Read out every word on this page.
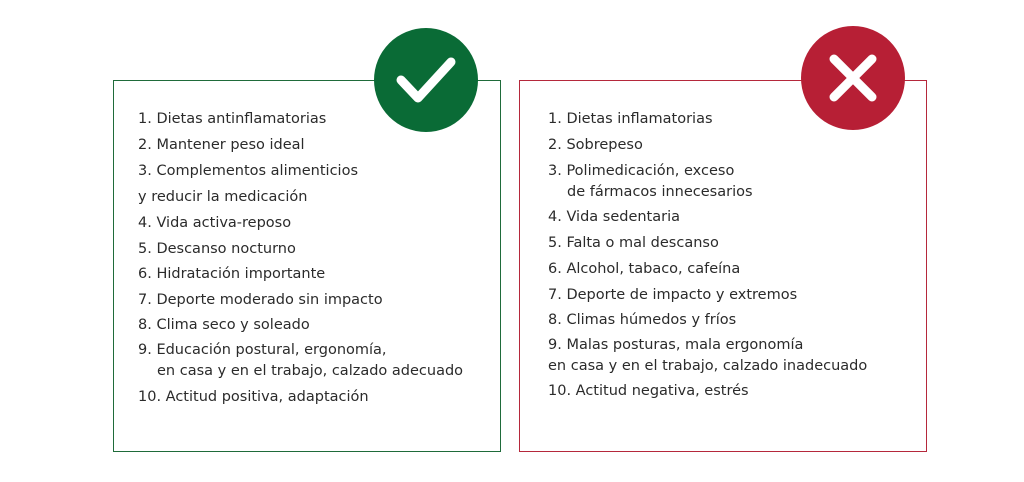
1. Dietas antinflamatorias
2. Mantener peso ideal
3. Complementos alimenticios
y reducir la medicación
4. Vida activa-reposo
5. Descanso nocturno
6. Hidratación importante
7. Deporte moderado sin impacto
8. Clima seco y soleado
9. Educación postural, ergonomía,
en casa y en el trabajo, calzado adecuado
10. Actitud positiva, adaptación
1. Dietas inflamatorias
2. Sobrepeso
3. Polimedicación, exceso
de fármacos innecesarios
4. Vida sedentaria
5. Falta o mal descanso
6. Alcohol, tabaco, cafeína
7. Deporte de impacto y extremos
8. Climas húmedos y fríos
9. Malas posturas, mala ergonomía
en casa y en el trabajo, calzado inadecuado
10. Actitud negativa, estrés
